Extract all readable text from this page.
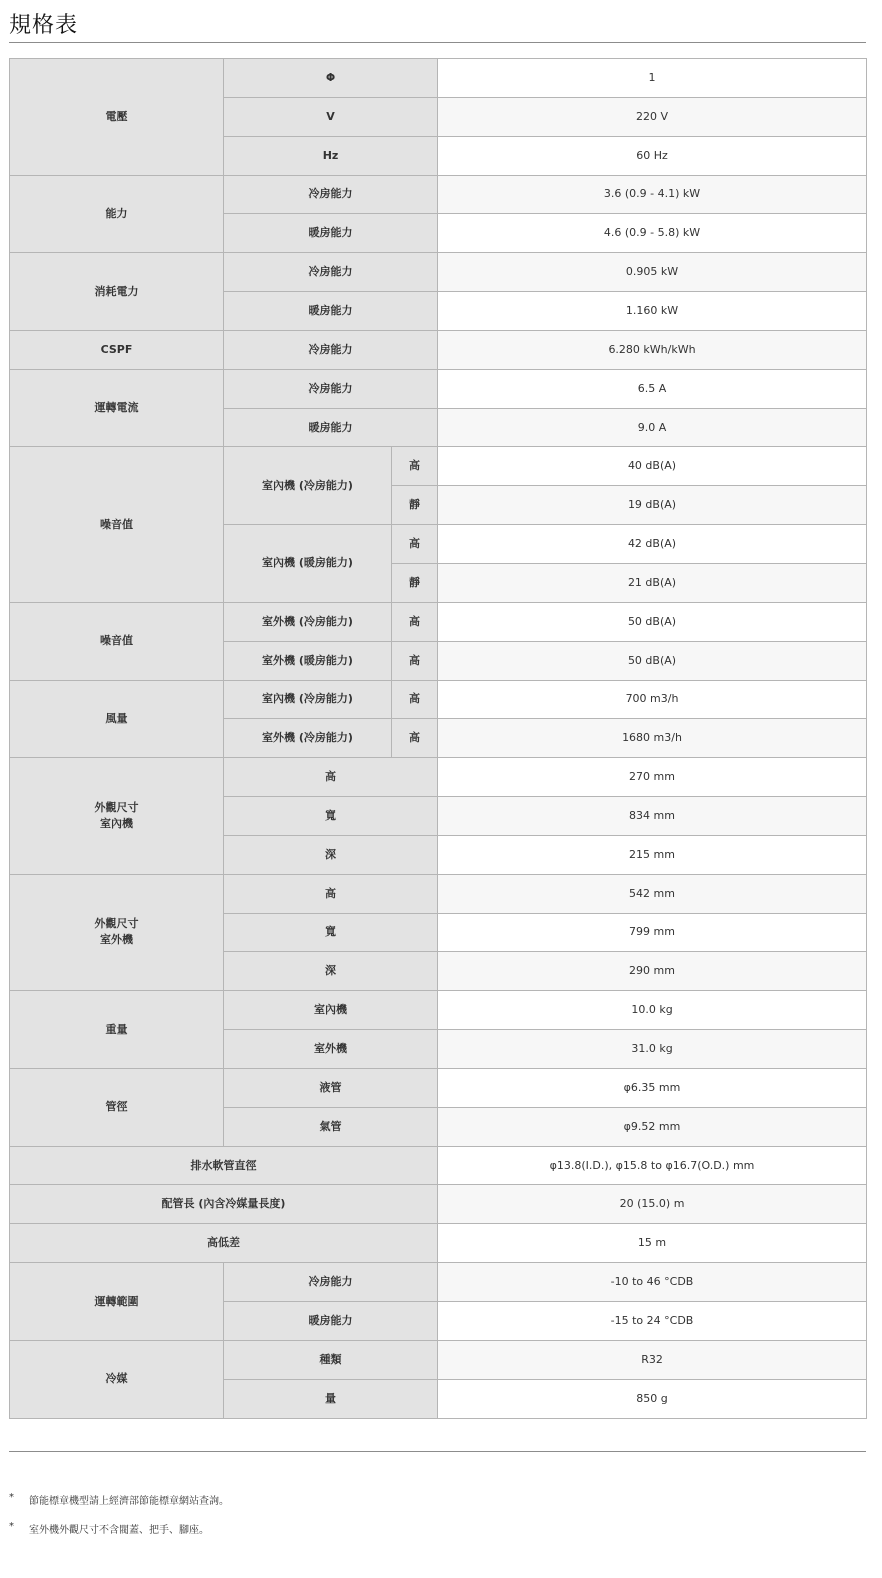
規格表
電壓	Φ		1
	V		220 V
	Hz		60 Hz
能力	冷房能力		3.6 (0.9 - 4.1) kW
	暖房能力		4.6 (0.9 - 5.8) kW
消耗電力	冷房能力		0.905 kW
	暖房能力		1.160 kW
CSPF	冷房能力		6.280 kWh/kWh
運轉電流	冷房能力		6.5 A
	暖房能力		9.0 A
噪音值	室內機 (冷房能力)	高	40 dB(A)
		靜	19 dB(A)
	室內機 (暖房能力)	高	42 dB(A)
		靜	21 dB(A)
噪音值	室外機 (冷房能力)	高	50 dB(A)
	室外機 (暖房能力)	高	50 dB(A)
風量	室內機 (冷房能力)	高	700 m3/h
	室外機 (冷房能力)	高	1680 m3/h
外觀尺寸
室內機	高		270 mm
	寬		834 mm
	深		215 mm
外觀尺寸
室外機	高		542 mm
	寬		799 mm
	深		290 mm
重量	室內機		10.0 kg
	室外機		31.0 kg
管徑	液管		φ6.35 mm
	氣管		φ9.52 mm
排水軟管直徑			φ13.8(I.D.), φ15.8 to φ16.7(O.D.) mm
配管長 (內含冷媒量長度)			20 (15.0) m
高低差			15 m
運轉範圍	冷房能力		-10 to 46 °CDB
	暖房能力		-15 to 24 °CDB
冷媒	種類		R32
	量		850 g
*	節能標章機型請上經濟部節能標章網站查詢。
*	室外機外觀尺寸不含閥蓋、把手、腳座。
